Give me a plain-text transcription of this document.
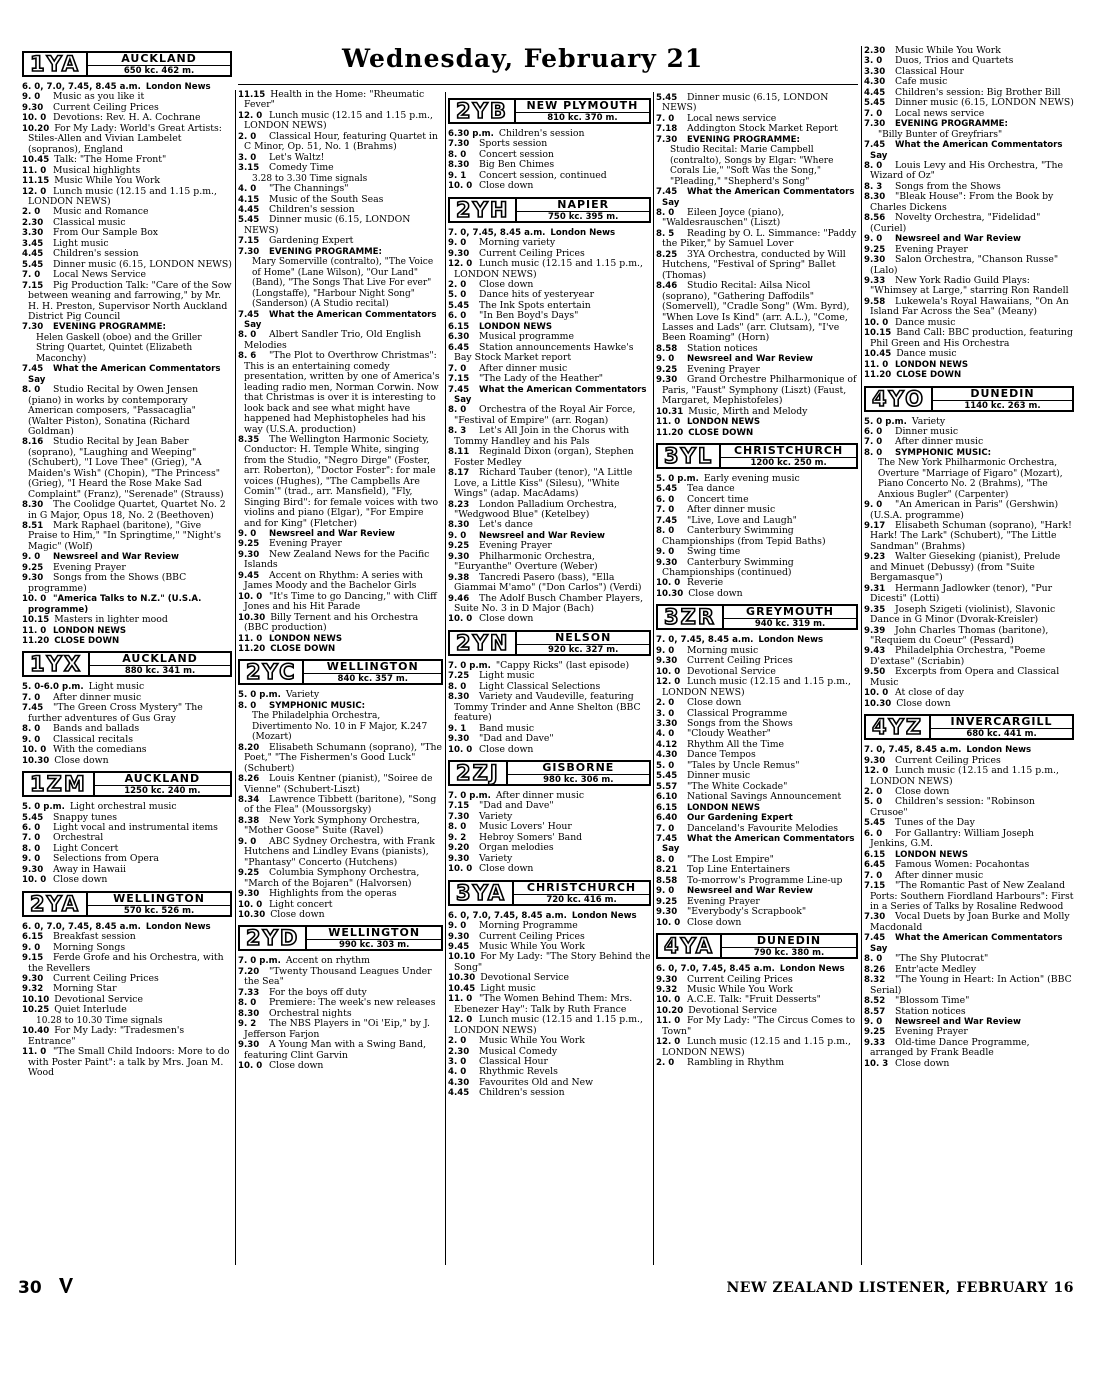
Wednesday, February 21
1YA	AUCKLAND
650 kc. 462 m.

6. 0, 7.0, 7.45, 8.45 a.m. London News

9. 0 Music as you like it

9.30 Current Ceiling Prices

10. 0 Devotions: Rev. H. A. Cochrane

10.20 For My Lady: World's Great Artists: Stiles-Allen and Vivian Lambelet (sopranos), England

10.45 Talk: "The Home Front"

11. 0 Musical highlights

11.15 Music While You Work

12. 0 Lunch music (12.15 and 1.15 p.m., LONDON NEWS)

2. 0 Music and Romance

2.30 Classical music

3.30 From Our Sample Box

3.45 Light music

4.45 Children's session

5.45 Dinner music (6.15, LONDON NEWS)

7. 0 Local News Service

7.15 Pig Production Talk: "Care of the Sow between weaning and farrowing," by Mr. H. H. Preston, Supervisor North Auckland District Pig Council

7.30 EVENING PROGRAMME:

Helen Gaskell (oboe) and the Griller String Quartet, Quintet (Elizabeth Maconchy)

7.45 What the American Commentators Say

8. 0 Studio Recital by Owen Jensen (piano) in works by contemporary American composers, "Passacaglia" (Walter Piston), Sonatina (Richard Goldman)

8.16 Studio Recital by Jean Baber (soprano), "Laughing and Weeping" (Schubert), "I Love Thee" (Grieg), "A Maiden's Wish" (Chopin), "The Princess" (Grieg), "I Heard the Rose Make Sad Complaint" (Franz), "Serenade" (Strauss)

8.30 The Coolidge Quartet, Quartet No. 2 in G Major, Opus 18, No. 2 (Beethoven)

8.51 Mark Raphael (baritone), "Give Praise to Him," "In Springtime," "Night's Magic" (Wolf)

9. 0 Newsreel and War Review

9.25 Evening Prayer

9.30 Songs from the Shows (BBC programme)

10. 0 "America Talks to N.Z." (U.S.A. programme)

10.15 Masters in lighter mood

11. 0 LONDON NEWS

11.20 CLOSE DOWN

1YX	AUCKLAND
880 kc. 341 m.

5. 0-6.0 p.m. Light music

7. 0 After dinner music

7.45 "The Green Cross Mystery" The further adventures of Gus Gray

8. 0 Bands and ballads

9. 0 Classical recitals

10. 0 With the comedians

10.30 Close down

1ZM	AUCKLAND
1250 kc. 240 m.

5. 0 p.m. Light orchestral music

5.45 Snappy tunes

6. 0 Light vocal and instrumental items

7. 0 Orchestral

8. 0 Light Concert

9. 0 Selections from Opera

9.30 Away in Hawaii

10. 0 Close down

2YA	WELLINGTON
570 kc. 526 m.

6. 0, 7.0, 7.45, 8.45 a.m. London News

6.15 Breakfast session

9. 0 Morning Songs

9.15 Ferde Grofe and his Orchestra, with the Revellers

9.30 Current Ceiling Prices

9.32 Morning Star

10.10 Devotional Service

10.25 Quiet Interlude

10.28 to 10.30 Time signals

10.40 For My Lady: "Tradesmen's Entrance"

11. 0 "The Small Child Indoors: More to do with Poster Paint": a talk by Mrs. Joan M. Wood

11.15 Health in the Home: "Rheumatic Fever"

12. 0 Lunch music (12.15 and 1.15 p.m., LONDON NEWS)

2. 0 Classical Hour, featuring Quartet in C Minor, Op. 51, No. 1 (Brahms)

3. 0 Let's Waltz!

3.15 Comedy Time

3.28 to 3.30 Time signals

4. 0 "The Channings"

4.15 Music of the South Seas

4.45 Children's session

5.45 Dinner music (6.15, LONDON NEWS)

7.15 Gardening Expert

7.30 EVENING PROGRAMME:

Mary Somerville (contralto), "The Voice of Home" (Lane Wilson), "Our Land" (Band), "The Songs That Live For ever" (Longstaffe), "Harbour Night Song" (Sanderson) (A Studio recital)

7.45 What the American Commentators Say

8. 0 Albert Sandler Trio, Old English Melodies

8. 6 "The Plot to Overthrow Christmas": This is an entertaining comedy presentation, written by one of America's leading radio men, Norman Corwin. Now that Christmas is over it is interesting to look back and see what might have happened had Mephistopheles had his way (U.S.A. production)

8.35 The Wellington Harmonic Society, Conductor: H. Temple White, singing from the Studio, "Negro Dirge" (Foster, arr. Roberton), "Doctor Foster": for male voices (Hughes), "The Campbells Are Comin'" (trad., arr. Mansfield), "Fly, Singing Bird": for female voices with two violins and piano (Elgar), "For Empire and for King" (Fletcher)

9. 0 Newsreel and War Review

9.25 Evening Prayer

9.30 New Zealand News for the Pacific Islands

9.45 Accent on Rhythm: A series with James Moody and the Bachelor Girls

10. 0 "It's Time to go Dancing," with Cliff Jones and his Hit Parade

10.30 Billy Ternent and his Orchestra (BBC production)

11. 0 LONDON NEWS

11.20 CLOSE DOWN

2YC	WELLINGTON
840 kc. 357 m.

5. 0 p.m. Variety

8. 0 SYMPHONIC MUSIC:

The Philadelphia Orchestra, Divertimento No. 10 in F Major, K.247 (Mozart)

8.20 Elisabeth Schumann (soprano), "The Poet," "The Fishermen's Good Luck" (Schubert)

8.26 Louis Kentner (pianist), "Soiree de Vienne" (Schubert-Liszt)

8.34 Lawrence Tibbett (baritone), "Song of the Flea" (Moussorgsky)

8.38 New York Symphony Orchestra, "Mother Goose" Suite (Ravel)

9. 0 ABC Sydney Orchestra, with Frank Hutchens and Lindley Evans (pianists), "Phantasy" Concerto (Hutchens)

9.25 Columbia Symphony Orchestra, "March of the Bojaren" (Halvorsen)

9.30 Highlights from the operas

10. 0 Light concert

10.30 Close down

2YD	WELLINGTON
990 kc. 303 m.

7. 0 p.m. Accent on rhythm

7.20 "Twenty Thousand Leagues Under the Sea"

7.33 For the boys off duty

8. 0 Premiere: The week's new releases

8.30 Orchestral nights

9. 2 The NBS Players in "Oi 'Eip," by J. Jefferson Farjon

9.30 A Young Man with a Swing Band, featuring Clint Garvin

10. 0 Close down

2YB	NEW PLYMOUTH
810 kc. 370 m.

6.30 p.m. Children's session

7.30 Sports session

8. 0 Concert session

8.30 Big Ben Chimes

9. 1 Concert session, continued

10. 0 Close down

2YH	NAPIER
750 kc. 395 m.

7. 0, 7.45, 8.45 a.m. London News

9. 0 Morning variety

9.30 Current Ceiling Prices

12. 0 Lunch music (12.15 and 1.15 p.m., LONDON NEWS)

2. 0 Close down

5. 0 Dance hits of yesteryear

5.45 The Ink Spots entertain

6. 0 "In Ben Boyd's Days"

6.15 LONDON NEWS

6.30 Musical programme

6.45 Station announcements Hawke's Bay Stock Market report

7. 0 After dinner music

7.15 "The Lady of the Heather"

7.45 What the American Commentators Say

8. 0 Orchestra of the Royal Air Force, "Festival of Empire" (arr. Rogan)

8. 3 Let's All Join in the Chorus with Tommy Handley and his Pals

8.11 Reginald Dixon (organ), Stephen Foster Medley

8.17 Richard Tauber (tenor), "A Little Love, a Little Kiss" (Silesu), "White Wings" (adap. MacAdams)

8.23 London Palladium Orchestra, "Wedgwood Blue" (Ketelbey)

8.30 Let's dance

9. 0 Newsreel and War Review

9.25 Evening Prayer

9.30 Philharmonic Orchestra, "Euryanthe" Overture (Weber)

9.38 Tancredi Pasero (bass), "Ella Giammai M'amo" ("Don Carlos") (Verdi)

9.46 The Adolf Busch Chamber Players, Suite No. 3 in D Major (Bach)

10. 0 Close down

2YN	NELSON
920 kc. 327 m.

7. 0 p.m. "Cappy Ricks" (last episode)

7.25 Light music

8. 0 Light Classical Selections

8.30 Variety and Vaudeville, featuring Tommy Trinder and Anne Shelton (BBC feature)

9. 1 Band music

9.30 "Dad and Dave"

10. 0 Close down

2ZJ	GISBORNE
980 kc. 306 m.

7. 0 p.m. After dinner music

7.15 "Dad and Dave"

7.30 Variety

8. 0 Music Lovers' Hour

9. 2 Hebroy Somers' Band

9.20 Organ melodies

9.30 Variety

10. 0 Close down

3YA	CHRISTCHURCH
720 kc. 416 m.

6. 0, 7.0, 7.45, 8.45 a.m. London News

9. 0 Morning Programme

9.30 Current Ceiling Prices

9.45 Music While You Work

10.10 For My Lady: "The Story Behind the Song"

10.30 Devotional Service

10.45 Light music

11. 0 "The Women Behind Them: Mrs. Ebenezer Hay": Talk by Ruth France

12. 0 Lunch music (12.15 and 1.15 p.m., LONDON NEWS)

2. 0 Music While You Work

2.30 Musical Comedy

3. 0 Classical Hour

4. 0 Rhythmic Revels

4.30 Favourites Old and New

4.45 Children's session

5.45 Dinner music (6.15, LONDON NEWS)

7. 0 Local news service

7.18 Addington Stock Market Report

7.30 EVENING PROGRAMME:

Studio Recital: Marie Campbell (contralto), Songs by Elgar: "Where Corals Lie," "Soft Was the Song," "Pleading," "Shepherd's Song"

7.45 What the American Commentators Say

8. 0 Eileen Joyce (piano), "Waldesrauschen" (Liszt)

8. 5 Reading by O. L. Simmance: "Paddy the Piker," by Samuel Lover

8.25 3YA Orchestra, conducted by Will Hutchens, "Festival of Spring" Ballet (Thomas)

8.46 Studio Recital: Ailsa Nicol (soprano), "Gathering Daffodils" (Somervell), "Cradle Song" (Wm. Byrd), "When Love Is Kind" (arr. A.L.), "Come, Lasses and Lads" (arr. Clutsam), "I've Been Roaming" (Horn)

8.58 Station notices

9. 0 Newsreel and War Review

9.25 Evening Prayer

9.30 Grand Orchestre Philharmonique of Paris, "Faust" Symphony (Liszt) (Faust, Margaret, Mephistofeles)

10.31 Music, Mirth and Melody

11. 0 LONDON NEWS

11.20 CLOSE DOWN

3YL	CHRISTCHURCH
1200 kc. 250 m.

5. 0 p.m. Early evening music

5.45 Tea dance

6. 0 Concert time

7. 0 After dinner music

7.45 "Live, Love and Laugh"

8. 0 Canterbury Swimming Championships (from Tepid Baths)

9. 0 Swing time

9.30 Canterbury Swimming Championships (continued)

10. 0 Reverie

10.30 Close down

3ZR	GREYMOUTH
940 kc. 319 m.

7. 0, 7.45, 8.45 a.m. London News

9. 0 Morning music

9.30 Current Ceiling Prices

10. 0 Devotional Service

12. 0 Lunch music (12.15 and 1.15 p.m., LONDON NEWS)

2. 0 Close down

3. 0 Classical Programme

3.30 Songs from the Shows

4. 0 "Cloudy Weather"

4.12 Rhythm All the Time

4.30 Dance Tempos

5. 0 "Tales by Uncle Remus"

5.45 Dinner music

5.57 "The White Cockade"

6.10 National Savings Announcement

6.15 LONDON NEWS

6.40 Our Gardening Expert

7. 0 Danceland's Favourite Melodies

7.45 What the American Commentators Say

8. 0 "The Lost Empire"

8.21 Top Line Entertainers

8.58 To-morrow's Programme Line-up

9. 0 Newsreel and War Review

9.25 Evening Prayer

9.30 "Everybody's Scrapbook"

10. 0 Close down

4YA	DUNEDIN
790 kc. 380 m.

6. 0, 7.0, 7.45, 8.45 a.m. London News

9.30 Current Ceiling Prices

9.32 Music While You Work

10. 0 A.C.E. Talk: "Fruit Desserts"

10.20 Devotional Service

11. 0 For My Lady: "The Circus Comes to Town"

12. 0 Lunch music (12.15 and 1.15 p.m., LONDON NEWS)

2. 0 Rambling in Rhythm

2.30 Music While You Work

3. 0 Duos, Trios and Quartets

3.30 Classical Hour

4.30 Cafe music

4.45 Children's session: Big Brother Bill

5.45 Dinner music (6.15, LONDON NEWS)

7. 0 Local news service

7.30 EVENING PROGRAMME:

"Billy Bunter of Greyfriars"

7.45 What the American Commentators Say

8. 0 Louis Levy and His Orchestra, "The Wizard of Oz"

8. 3 Songs from the Shows

8.30 "Bleak House": From the Book by Charles Dickens

8.56 Novelty Orchestra, "Fidelidad" (Curiel)

9. 0 Newsreel and War Review

9.25 Evening Prayer

9.30 Salon Orchestra, "Chanson Russe" (Lalo)

9.33 New York Radio Guild Plays: "Whimsey at Large," starring Ron Randell

9.58 Lukewela's Royal Hawaiians, "On An Island Far Across the Sea" (Meany)

10. 0 Dance music

10.15 Band Call: BBC production, featuring Phil Green and His Orchestra

10.45 Dance music

11. 0 LONDON NEWS

11.20 CLOSE DOWN

4YO	DUNEDIN
1140 kc. 263 m.

5. 0 p.m. Variety

6. 0 Dinner music

7. 0 After dinner music

8. 0 SYMPHONIC MUSIC:

The New York Philharmonic Orchestra, Overture "Marriage of Figaro" (Mozart), Piano Concerto No. 2 (Brahms), "The Anxious Bugler" (Carpenter)

9. 0 "An American in Paris" (Gershwin) (U.S.A. programme)

9.17 Elisabeth Schuman (soprano), "Hark! Hark! The Lark" (Schubert), "The Little Sandman" (Brahms)

9.23 Walter Gieseking (pianist), Prelude and Minuet (Debussy) (from "Suite Bergamasque")

9.31 Hermann Jadlowker (tenor), "Pur Dicesti" (Lotti)

9.35 Joseph Szigeti (violinist), Slavonic Dance in G Minor (Dvorak-Kreisler)

9.39 John Charles Thomas (baritone), "Requiem du Coeur" (Pessard)

9.43 Philadelphia Orchestra, "Poeme D'extase" (Scriabin)

9.50 Excerpts from Opera and Classical Music

10. 0 At close of day

10.30 Close down

4YZ	INVERCARGILL
680 kc. 441 m.

7. 0, 7.45, 8.45 a.m. London News

9.30 Current Ceiling Prices

12. 0 Lunch music (12.15 and 1.15 p.m., LONDON NEWS)

2. 0 Close down

5. 0 Children's session: "Robinson Crusoe"

5.45 Tunes of the Day

6. 0 For Gallantry: William Joseph Jenkins, G.M.

6.15 LONDON NEWS

6.45 Famous Women: Pocahontas

7. 0 After dinner music

7.15 "The Romantic Past of New Zealand Ports: Southern Fiordland Harbours": First in a Series of Talks by Rosaline Redwood

7.30 Vocal Duets by Joan Burke and Molly Macdonald

7.45 What the American Commentators Say

8. 0 "The Shy Plutocrat"

8.26 Entr'acte Medley

8.32 "The Young in Heart: In Action" (BBC Serial)

8.52 "Blossom Time"

8.57 Station notices

9. 0 Newsreel and War Review

9.25 Evening Prayer

9.33 Old-time Dance Programme, arranged by Frank Beadle

10. 3 Close down

30	NEW ZEALAND LISTENER, FEBRUARY 16
